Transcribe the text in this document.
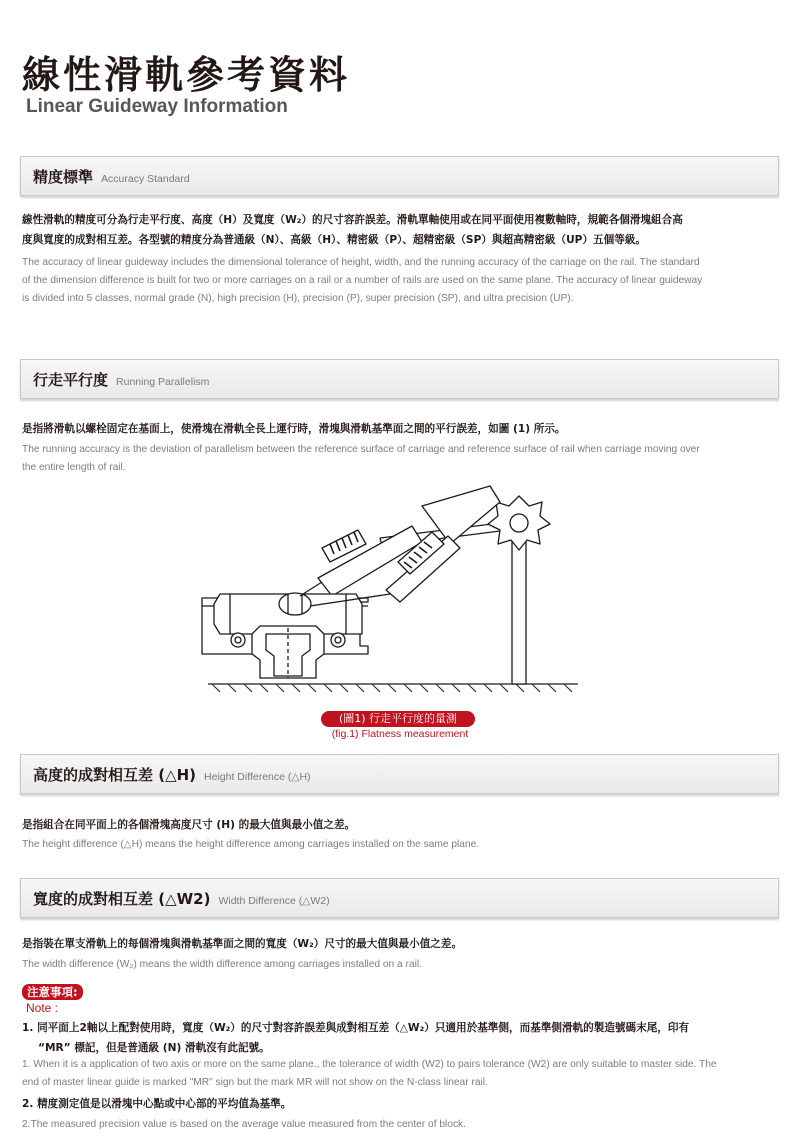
線性滑軌參考資料
Linear Guideway Information
精度標準 Accuracy Standard
線性滑軌的精度可分為行走平行度、高度（H）及寬度（W₂）的尺寸容許誤差。滑軌單軸使用或在同平面使用複數軸時，規範各個滑塊組合高
度與寬度的成對相互差。各型號的精度分為普通級（N）、高級（H）、精密級（P）、超精密級（SP）與超高精密級（UP）五個等級。
The accuracy of linear guideway includes the dimensional tolerance of height, width, and the running accuracy of the carriage on the rail. The standard
of the dimension difference is built for two or more carriages on a rail or a number of rails are used on the same plane. The accuracy of linear guideway
is divided into 5 classes, normal grade (N), high precision (H), precision (P), super precision (SP), and ultra precision (UP).
行走平行度 Running Parallelism
是指將滑軌以螺栓固定在基面上，使滑塊在滑軌全長上運行時，滑塊與滑軌基準面之間的平行誤差，如圖 (1) 所示。
The running accuracy is the deviation of parallelism between the reference surface of carriage and reference surface of rail when carriage moving over
the entire length of rail.
(圖1) 行走平行度的量測
(fig.1) Flatness measurement
高度的成對相互差 (△H) Height Difference (△H)
是指組合在同平面上的各個滑塊高度尺寸 (H) 的最大值與最小值之差。
The height difference (△H) means the height difference among carriages installed on the same plane.
寬度的成對相互差 (△W2) Width Difference (△W2)
是指裝在單支滑軌上的每個滑塊與滑軌基準面之間的寬度（W₂）尺寸的最大值與最小值之差。
The width difference (W₂) means the width difference among carriages installed on a rail.
注意事項:
Note :
1. 同平面上2軸以上配對使用時，寬度（W₂）的尺寸對容許誤差與成對相互差（△W₂）只適用於基準側，而基準側滑軌的製造號碼末尾，印有
“MR” 標記，但是普通級 (N) 滑軌沒有此記號。
1. When it is a application of two axis or more on the same plane., the tolerance of width (W2) to pairs tolerance (W2) are only suitable to master side. The
end of master linear guide is marked "MR" sign but the mark MR will not show on the N-class linear rail.
2. 精度測定值是以滑塊中心點或中心部的平均值為基準。
2.The measured precision value is based on the average value measured from the center of block.
